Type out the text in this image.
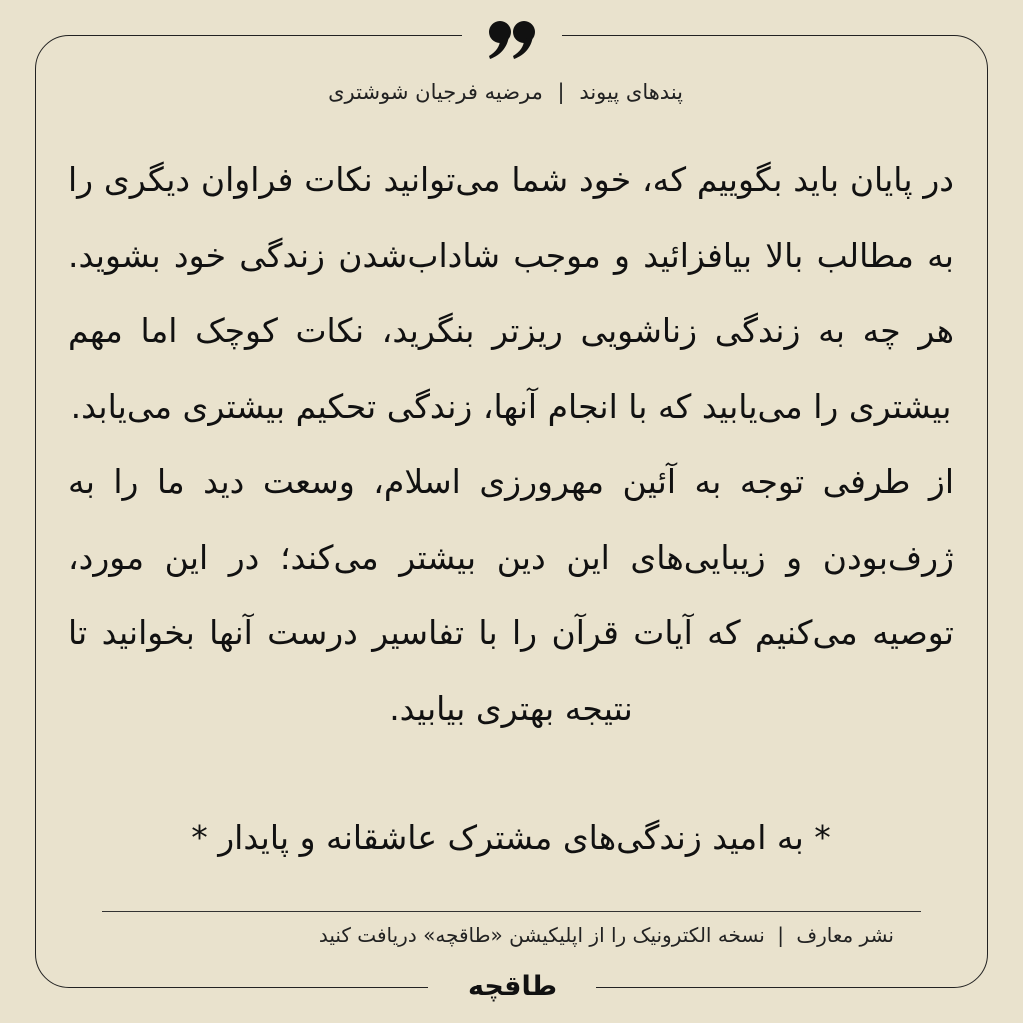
پندهای پیوند | مرضیه فرجیان شوشتری

در پایان باید بگوییم که، خود شما می‌توانید نکات فراوان دیگری را به مطالب بالا بیافزائید و موجب شاداب‌شدن زندگی خود بشوید. هر چه به زندگی زناشویی ریزتر بنگرید، نکات کوچک اما مهم بیشتری را می‌یابید که با انجام آنها، زندگی تحکیم بیشتری می‌یابد.

از طرفی توجه به آئین مهرورزی اسلام، وسعت دید ما را به ژرف‌بودن و زیبایی‌های این دین بیشتر می‌کند؛ در این مورد، توصیه می‌کنیم که آیات قرآن را با تفاسیر درست آنها بخوانید تا نتیجه بهتری بیابید.

* به امید زندگی‌های مشترک عاشقانه و پایدار *
نشر معارف | نسخه الکترونیک را از اپلیکیشن «طاقچه» دریافت کنید
طاقچه
